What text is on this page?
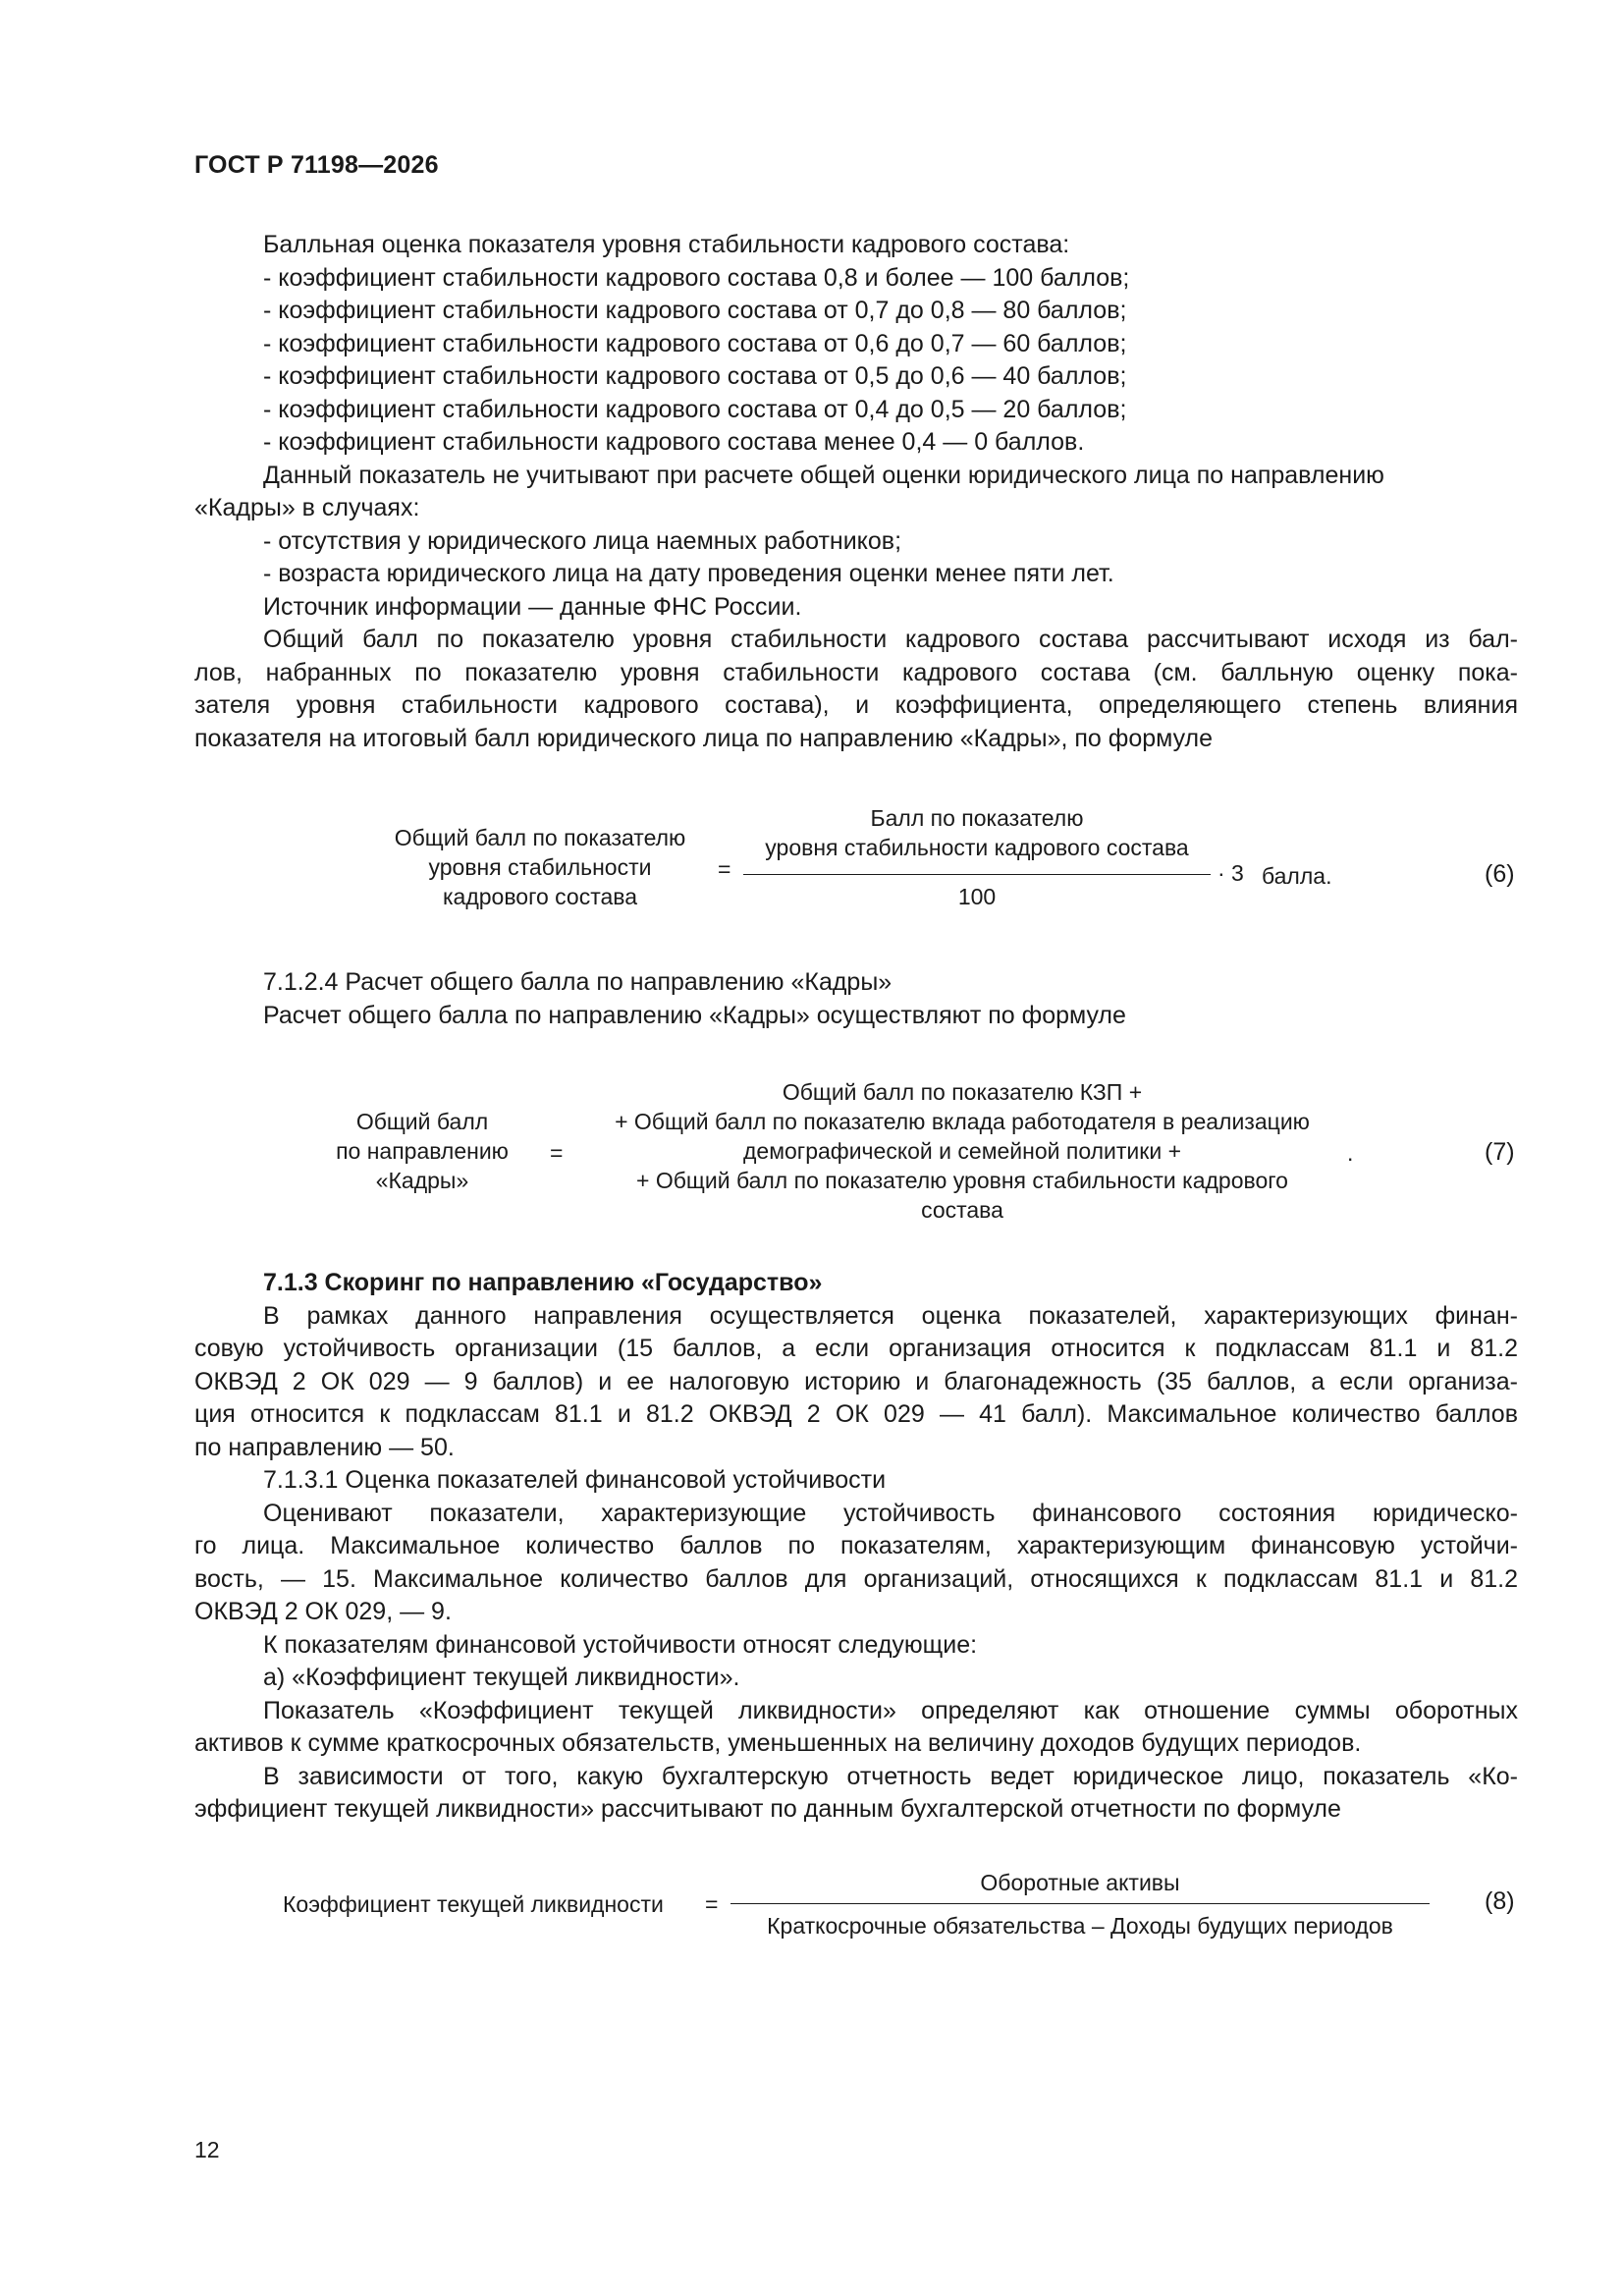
ГОСТ Р 71198—2026
Балльная оценка показателя уровня стабильности кадрового состава:
- коэффициент стабильности кадрового состава 0,8 и более — 100 баллов;
- коэффициент стабильности кадрового состава от 0,7 до 0,8 — 80 баллов;
- коэффициент стабильности кадрового состава от 0,6 до 0,7 — 60 баллов;
- коэффициент стабильности кадрового состава от 0,5 до 0,6 — 40 баллов;
- коэффициент стабильности кадрового состава от 0,4 до 0,5 — 20 баллов;
- коэффициент стабильности кадрового состава менее 0,4 — 0 баллов.
Данный показатель не учитывают при расчете общей оценки юридического лица по направлению
«Кадры» в случаях:
- отсутствия у юридического лица наемных работников;
- возраста юридического лица на дату проведения оценки менее пяти лет.
Источник информации — данные ФНС России.
Общий балл по показателю уровня стабильности кадрового состава рассчитывают исходя из бал-
лов, набранных по показателю уровня стабильности кадрового состава (см. балльную оценку пока-
зателя уровня стабильности кадрового состава), и коэффициента, определяющего степень влияния
показателя на итоговый балл юридического лица по направлению «Кадры», по формуле
Общий балл по показателю
уровня стабильности
кадрового состава
=
Балл по показателю
уровня стабильности кадрового состава
100
· 3 балла.	(6)
7.1.2.4 Расчет общего балла по направлению «Кадры»
Расчет общего балла по направлению «Кадры» осуществляют по формуле
Общий балл
по направлению
«Кадры»
=
Общий балл по показателю КЗП +
+ Общий балл по показателю вклада работодателя в реализацию
демографической и семейной политики +
+ Общий балл по показателю уровня стабильности кадрового
состава
.	(7)
7.1.3 Скоринг по направлению «Государство»
В рамках данного направления осуществляется оценка показателей, характеризующих финан-
совую устойчивость организации (15 баллов, а если организация относится к подклассам 81.1 и 81.2
ОКВЭД 2 ОК 029 — 9 баллов) и ее налоговую историю и благонадежность (35 баллов, а если организа-
ция относится к подклассам 81.1 и 81.2 ОКВЭД 2 ОК 029 — 41 балл). Максимальное количество баллов
по направлению — 50.
7.1.3.1 Оценка показателей финансовой устойчивости
Оценивают показатели, характеризующие устойчивость финансового состояния юридическо-
го лица. Максимальное количество баллов по показателям, характеризующим финансовую устойчи-
вость, — 15. Максимальное количество баллов для организаций, относящихся к подклассам 81.1 и 81.2
ОКВЭД 2 ОК 029, — 9.
К показателям финансовой устойчивости относят следующие:
а) «Коэффициент текущей ликвидности».
Показатель «Коэффициент текущей ликвидности» определяют как отношение суммы оборотных
активов к сумме краткосрочных обязательств, уменьшенных на величину доходов будущих периодов.
В зависимости от того, какую бухгалтерскую отчетность ведет юридическое лицо, показатель «Ко-
эффициент текущей ликвидности» рассчитывают по данным бухгалтерской отчетности по формуле
Коэффициент текущей ликвидности =
Оборотные активы
Краткосрочные обязательства – Доходы будущих периодов
(8)
12
